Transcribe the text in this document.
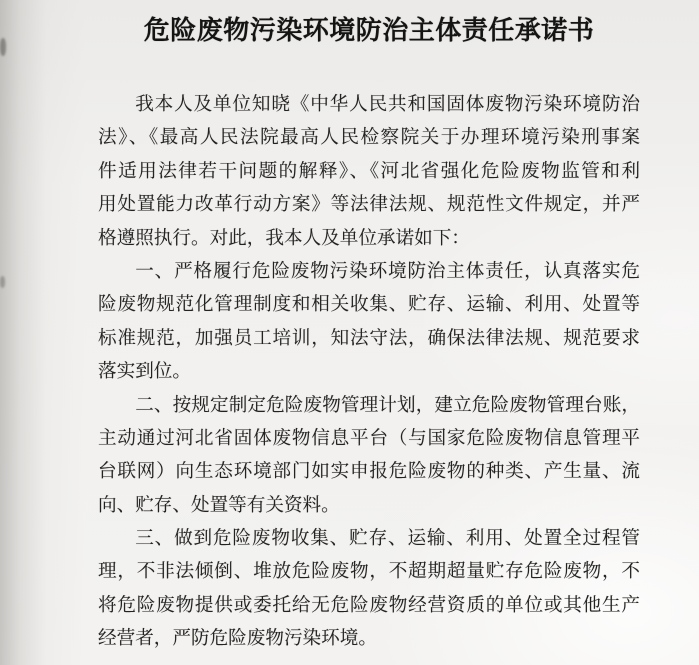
危险废物污染环境防治主体责任承诺书
我本人及单位知晓《中华人民共和国固体废物污染环境防治
法》、《最高人民法院最高人民检察院关于办理环境污染刑事案
件适用法律若干问题的解释》、《河北省强化危险废物监管和利
用处置能力改革行动方案》等法律法规、规范性文件规定，并严
格遵照执行。对此，我本人及单位承诺如下：
一、严格履行危险废物污染环境防治主体责任，认真落实危
险废物规范化管理制度和相关收集、贮存、运输、利用、处置等
标准规范，加强员工培训，知法守法，确保法律法规、规范要求
落实到位。
二、按规定制定危险废物管理计划，建立危险废物管理台账，
主动通过河北省固体废物信息平台（与国家危险废物信息管理平
台联网）向生态环境部门如实申报危险废物的种类、产生量、流
向、贮存、处置等有关资料。
三、做到危险废物收集、贮存、运输、利用、处置全过程管
理，不非法倾倒、堆放危险废物，不超期超量贮存危险废物，不
将危险废物提供或委托给无危险废物经营资质的单位或其他生产
经营者，严防危险废物污染环境。
